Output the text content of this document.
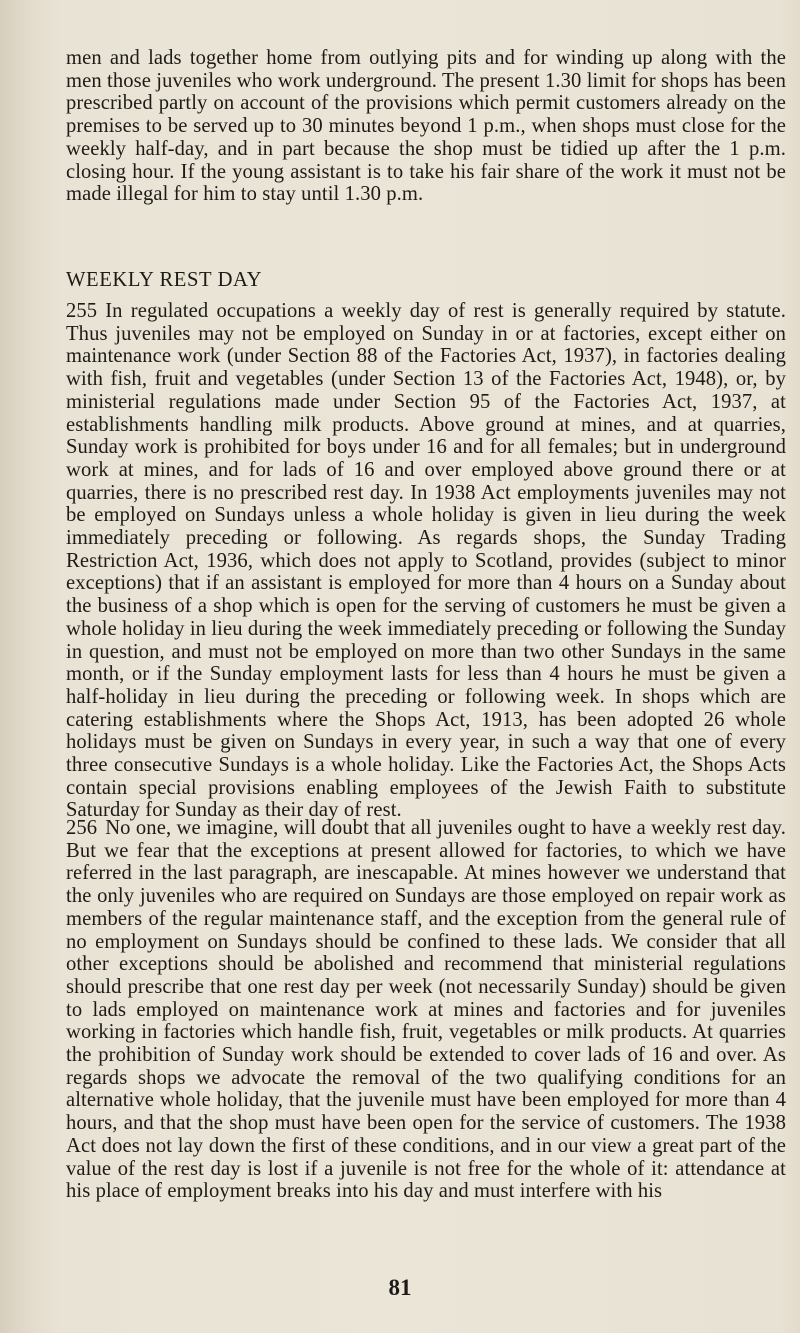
men and lads together home from outlying pits and for winding up along with the men those juveniles who work underground. The present 1.30 limit for shops has been prescribed partly on account of the provisions which permit customers already on the premises to be served up to 30 minutes beyond 1 p.m., when shops must close for the weekly half-day, and in part because the shop must be tidied up after the 1 p.m. closing hour. If the young assistant is to take his fair share of the work it must not be made illegal for him to stay until 1.30 p.m.
WEEKLY REST DAY
255 In regulated occupations a weekly day of rest is generally required by statute. Thus juveniles may not be employed on Sunday in or at factories, except either on maintenance work (under Section 88 of the Factories Act, 1937), in factories dealing with fish, fruit and vegetables (under Section 13 of the Factories Act, 1948), or, by ministerial regulations made under Section 95 of the Factories Act, 1937, at establishments handling milk products. Above ground at mines, and at quarries, Sunday work is prohibited for boys under 16 and for all females; but in underground work at mines, and for lads of 16 and over employed above ground there or at quarries, there is no prescribed rest day. In 1938 Act employments juveniles may not be employed on Sundays unless a whole holiday is given in lieu during the week immediately preceding or following. As regards shops, the Sunday Trading Restriction Act, 1936, which does not apply to Scotland, provides (subject to minor exceptions) that if an assistant is employed for more than 4 hours on a Sunday about the business of a shop which is open for the serving of customers he must be given a whole holiday in lieu during the week immediately preceding or following the Sunday in question, and must not be employed on more than two other Sundays in the same month, or if the Sunday employment lasts for less than 4 hours he must be given a half-holiday in lieu during the preceding or following week. In shops which are catering establishments where the Shops Act, 1913, has been adopted 26 whole holidays must be given on Sundays in every year, in such a way that one of every three consecutive Sundays is a whole holiday. Like the Factories Act, the Shops Acts contain special provisions enabling employees of the Jewish Faith to substitute Saturday for Sunday as their day of rest.
256 No one, we imagine, will doubt that all juveniles ought to have a weekly rest day. But we fear that the exceptions at present allowed for factories, to which we have referred in the last paragraph, are inescapable. At mines however we understand that the only juveniles who are required on Sundays are those employed on repair work as members of the regular maintenance staff, and the exception from the general rule of no employment on Sundays should be confined to these lads. We consider that all other exceptions should be abolished and recommend that ministerial regulations should prescribe that one rest day per week (not necessarily Sunday) should be given to lads employed on maintenance work at mines and factories and for juveniles working in factories which handle fish, fruit, vegetables or milk products. At quarries the prohibition of Sunday work should be extended to cover lads of 16 and over. As regards shops we advocate the removal of the two qualifying conditions for an alternative whole holiday, that the juvenile must have been employed for more than 4 hours, and that the shop must have been open for the service of customers. The 1938 Act does not lay down the first of these conditions, and in our view a great part of the value of the rest day is lost if a juvenile is not free for the whole of it: attendance at his place of employment breaks into his day and must interfere with his
81
